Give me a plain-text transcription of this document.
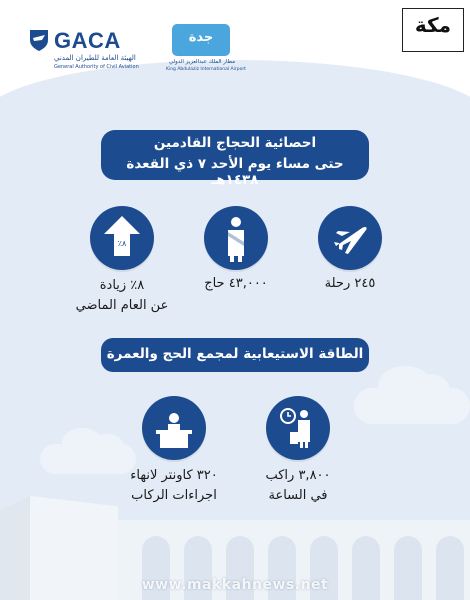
GACA
الهيئة العامة للطيران المدني
General Authority of Civil Aviation
جدة
مطار الملك عبدالعزيز الدولي
King Abdulaziz International Airport
مكة
احصائية الحجاج القادمين
حتى مساء يوم الأحد ٧ ذي القعدة ١٤٣٨هـ
٪٨
٢٤٥ رحلة
٤٣,٠٠٠ حاج
٨٪ زيادة
عن العام الماضي
الطاقة الاستيعابية لمجمع الحج والعمرة
٣,٨٠٠ راكب
في الساعة
٣٢٠ كاونتر لانهاء
اجراءات الركاب
www.makkahnews.net
